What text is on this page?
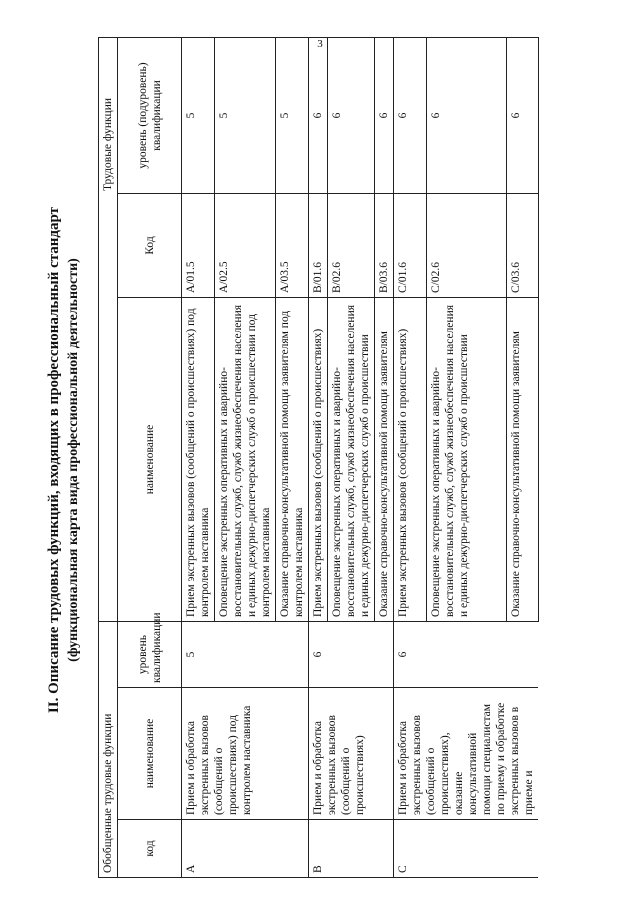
3
II. Описание трудовых функций, входящих в профессиональный стандарт (функциональная карта вида профессиональной деятельности)
Обобщенные трудовые функции			Трудовые функции		
код	наименование	уровень квалификации	наименование	Код	уровень (подуровень) квалификации
A	Прием и обработка экстренных вызовов (сообщений о происшествиях) под контролем наставника	5	Прием экстренных вызовов (сообщений о происшествиях) под контролем наставника	A/01.5	5
			Оповещение экстренных оперативных и аварийно-восстановительных служб, служб жизнеобеспечения населения и единых дежурно-диспетчерских служб о происшествии под контролем наставника	A/02.5	5
			Оказание справочно-консультативной помощи заявителям под контролем наставника	A/03.5	5
B	Прием и обработка экстренных вызовов (сообщений о происшествиях)	6	Прием экстренных вызовов (сообщений о происшествиях)	B/01.6	6
			Оповещение экстренных оперативных и аварийно-восстановительных служб, служб жизнеобеспечения населения и единых дежурно-диспетчерских служб о происшествии	B/02.6	6
			Оказание справочно-консультативной помощи заявителям	B/03.6	6
C	Прием и обработка экстренных вызовов (сообщений о происшествиях), оказание консультативной помощи специалистам по приему и обработке экстренных вызовов в приеме и	6	Прием экстренных вызовов (сообщений о происшествиях)	C/01.6	6
			Оповещение экстренных оперативных и аварийно-восстановительных служб, служб жизнеобеспечения населения и единых дежурно-диспетчерских служб о происшествии	C/02.6	6
			Оказание справочно-консультативной помощи заявителям	C/03.6	6
